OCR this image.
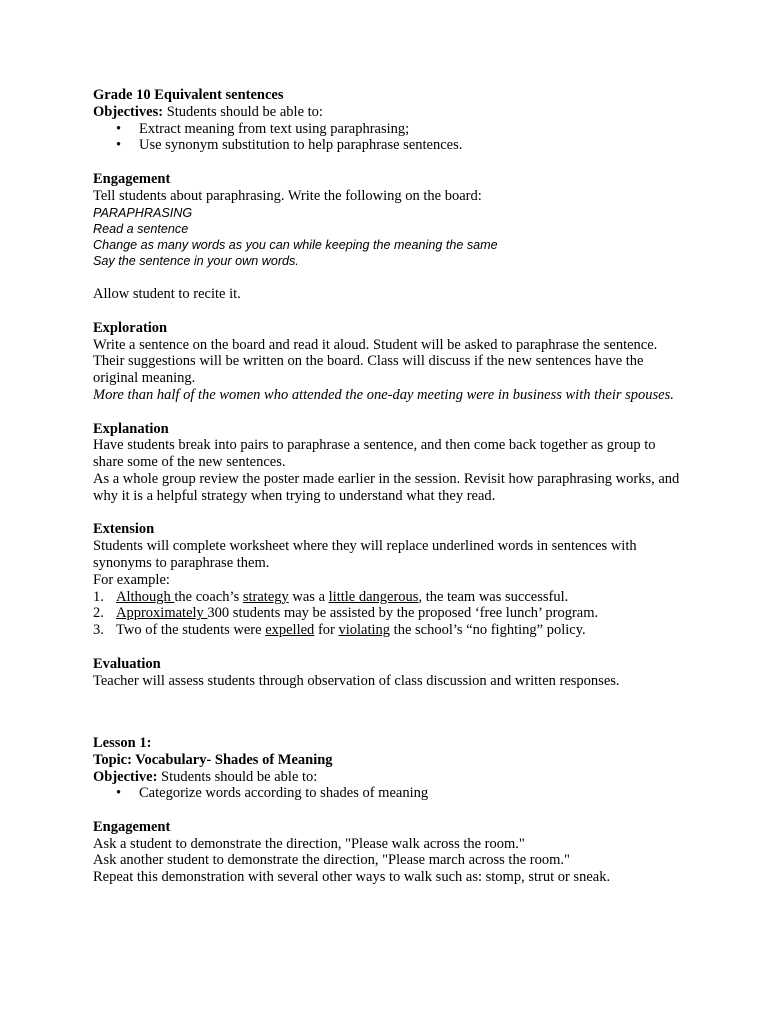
Grade 10 Equivalent sentences
Objectives: Students should be able to:
• Extract meaning from text using paraphrasing;
• Use synonym substitution to help paraphrase sentences.
Engagement
Tell students about paraphrasing. Write the following on the board:
PARAPHRASING
Read a sentence
Change as many words as you can while keeping the meaning the same
Say the sentence in your own words.
Allow student to recite it.
Exploration
Write a sentence on the board and read it aloud. Student will be asked to paraphrase the sentence. Their suggestions will be written on the board. Class will discuss if the new sentences have the original meaning.
More than half of the women who attended the one-day meeting were in business with their spouses.
Explanation
Have students break into pairs to paraphrase a sentence, and then come back together as group to share some of the new sentences.
As a whole group review the poster made earlier in the session. Revisit how paraphrasing works, and why it is a helpful strategy when trying to understand what they read.
Extension
Students will complete worksheet where they will replace underlined words in sentences with synonyms to paraphrase them.
For example:
1. Although the coach’s strategy was a little dangerous, the team was successful.
2. Approximately 300 students may be assisted by the proposed ‘free lunch’ program.
3. Two of the students were expelled for violating the school’s “no fighting” policy.
Evaluation
Teacher will assess students through observation of class discussion and written responses.
Lesson 1:
Topic: Vocabulary- Shades of Meaning
Objective: Students should be able to:
• Categorize words according to shades of meaning
Engagement
Ask a student to demonstrate the direction, "Please walk across the room."
Ask another student to demonstrate the direction, "Please march across the room."
Repeat this demonstration with several other ways to walk such as: stomp, strut or sneak.
